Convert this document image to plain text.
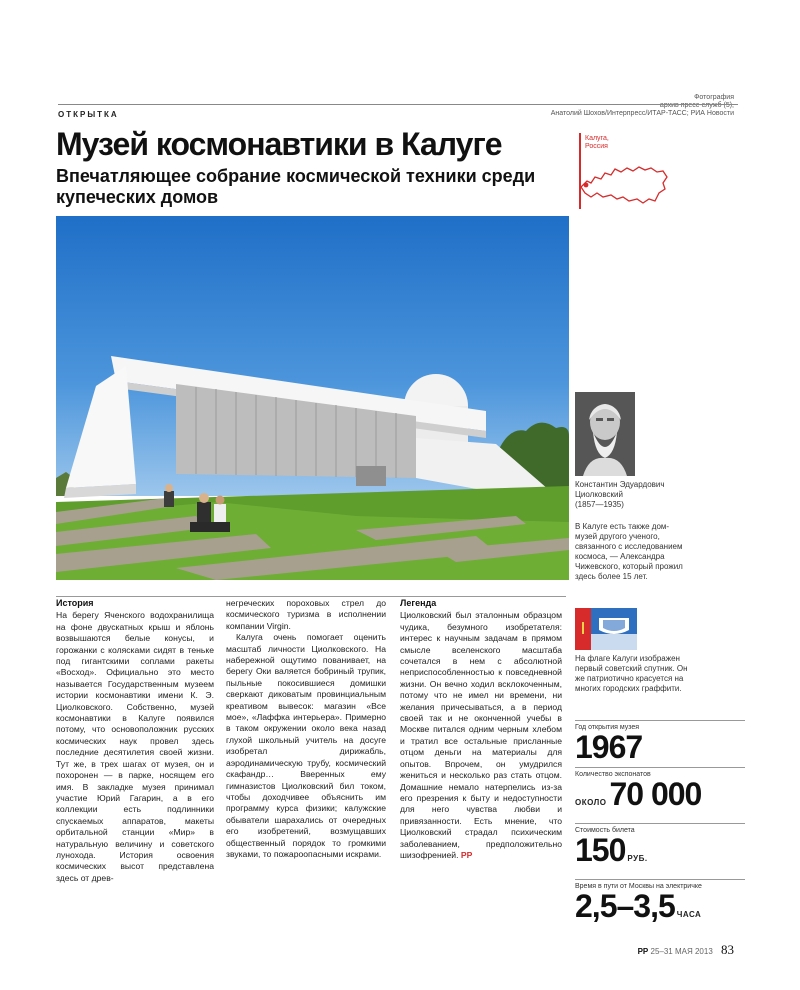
Фотография
архив пресс-служб (5),
Анатолий Шохов/Интерпресс/ИТАР-ТАСС; РИА Новости
ОТКРЫТКА
Музей космонавтики в Калуге
Впечатляющее собрание космической техники среди купеческих домов
Калуга,
Россия
Константин Эдуардович Циолковский
(1857—1935)
В Калуге есть также дом-музей другого ученого, связанного с исследованием космоса, — Александра Чижевского, который прожил здесь более 15 лет.
На флаге Калуги изображен первый советский спутник. Он же патриотично красуется на многих городских граффити.
Год открытия музея
1967
Количество экспонатов
ОКОЛО70 000
Стоимость билета
150 РУБ.
Время в пути от Москвы на электричке
2,5–3,5 ЧАСА
История

На берегу Яченского водохранилища на фоне двускатных крыш и яблонь возвышаются белые конусы, и горожанки с колясками сидят в теньке под гигантскими соплами ракеты «Восход». Официально это место называется Государственным музеем истории космонавтики имени К. Э. Циолковского. Собственно, музей космонавтики в Калуге появился потому, что основоположник русских космических наук провел здесь последние десятилетия своей жизни. Тут же, в трех шагах от музея, он и похоронен — в парке, носящем его имя. В закладке музея принимал участие Юрий Гагарин, а в его коллекции есть подлинники спускаемых аппаратов, макеты орбитальной станции «Мир» в натуральную величину и советского лунохода. История освоения космических высот представлена здесь от древ-

негреческих пороховых стрел до космического туризма в исполнении компании Virgin.

Калуга очень помогает оценить масштаб личности Циолковского. На набережной ощутимо пованивает, на берегу Оки валяется бобриный трупик, пыльные покосившиеся домишки сверкают диковатым провинциальным креативом вывесок: магазин «Все мое», «Лаффка интерьера». Примерно в таком окружении около века назад глухой школьный учитель на досуге изобретал дирижабль, аэродинамическую трубу, космический скафандр… Вверенных ему гимназистов Циолковский бил током, чтобы доходчивее объяснить им программу курса физики; калужские обыватели шарахались от очередных его изобретений, возмущавших общественный порядок то громкими звуками, то пожароопасными искрами.

Легенда

Циолковский был эталонным образцом чудика, безумного изобретателя: интерес к научным задачам в прямом смысле вселенского масштаба сочетался в нем с абсолютной неприспособленностью к повседневной жизни. Он вечно ходил всклокоченным, потому что не имел ни времени, ни желания причесываться, а в период своей так и не оконченной учебы в Москве питался одним черным хлебом и тратил все остальные присланные отцом деньги на материалы для опытов. Впрочем, он умудрился жениться и несколько раз стать отцом. Домашние немало натерпелись из-за его презрения к быту и недоступности для него чувства любви и привязанности. Есть мнение, что Циолковский страдал психическим заболеванием, предположительно шизофренией. РР

РР 25–31 МАЯ 2013 83
